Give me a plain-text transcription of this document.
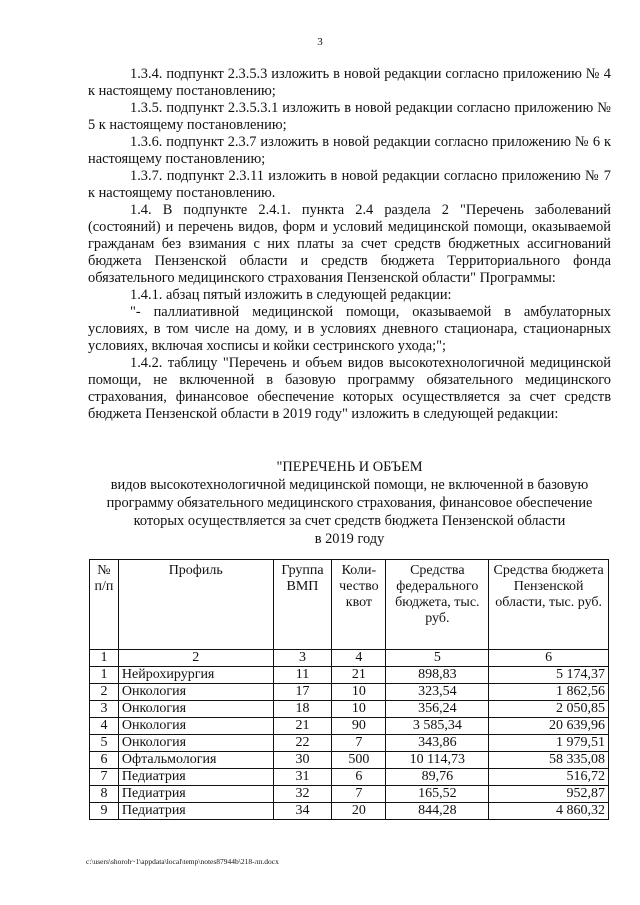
3

1.3.4. подпункт 2.3.5.3 изложить в новой редакции согласно приложению № 4 к настоящему постановлению;

1.3.5. подпункт 2.3.5.3.1 изложить в новой редакции согласно приложению № 5 к настоящему постановлению;

1.3.6. подпункт 2.3.7 изложить в новой редакции согласно приложению № 6 к настоящему постановлению;

1.3.7. подпункт 2.3.11 изложить в новой редакции согласно приложению № 7 к настоящему постановлению.

1.4. В подпункте 2.4.1. пункта 2.4 раздела 2 "Перечень заболеваний (состояний) и перечень видов, форм и условий медицинской помощи, оказываемой гражданам без взимания с них платы за счет средств бюджетных ассигнований бюджета Пензенской области и средств бюджета Территориального фонда обязательного медицинского страхования Пензенской области" Программы:

1.4.1. абзац пятый изложить в следующей редакции:

"- паллиативной медицинской помощи, оказываемой в амбулаторных условиях, в том числе на дому, и в условиях дневного стационара, стационарных условиях, включая хосписы и койки сестринского ухода;";

1.4.2. таблицу "Перечень и объем видов высокотехнологичной медицинской помощи, не включенной в базовую программу обязательного медицинского страхования, финансовое обеспечение которых осуществляется за счет средств бюджета Пензенской области в 2019 году" изложить в следующей редакции:

"ПЕРЕЧЕНЬ И ОБЪЕМ
видов высокотехнологичной медицинской помощи, не включенной в базовую программу обязательного медицинского страхования, финансовое обеспечение которых осуществляется за счет средств бюджета Пензенской области
в 2019 году
№ п/п	Профиль	Группа ВМП	Коли-чество квот	Средства федерального бюджета, тыс. руб.	Средства бюджета Пензенской области, тыс. руб.
1	2	3	4	5	6
1	Нейрохирургия	11	21	898,83	5 174,37
2	Онкология	17	10	323,54	1 862,56
3	Онкология	18	10	356,24	2 050,85
4	Онкология	21	90	3 585,34	20 639,96
5	Онкология	22	7	343,86	1 979,51
6	Офтальмология	30	500	10 114,73	58 335,08
7	Педиатрия	31	6	89,76	516,72
8	Педиатрия	32	7	165,52	952,87
9	Педиатрия	34	20	844,28	4 860,32
c:\users\shoroh~1\appdata\local\temp\notes87944b\218-лп.docx
